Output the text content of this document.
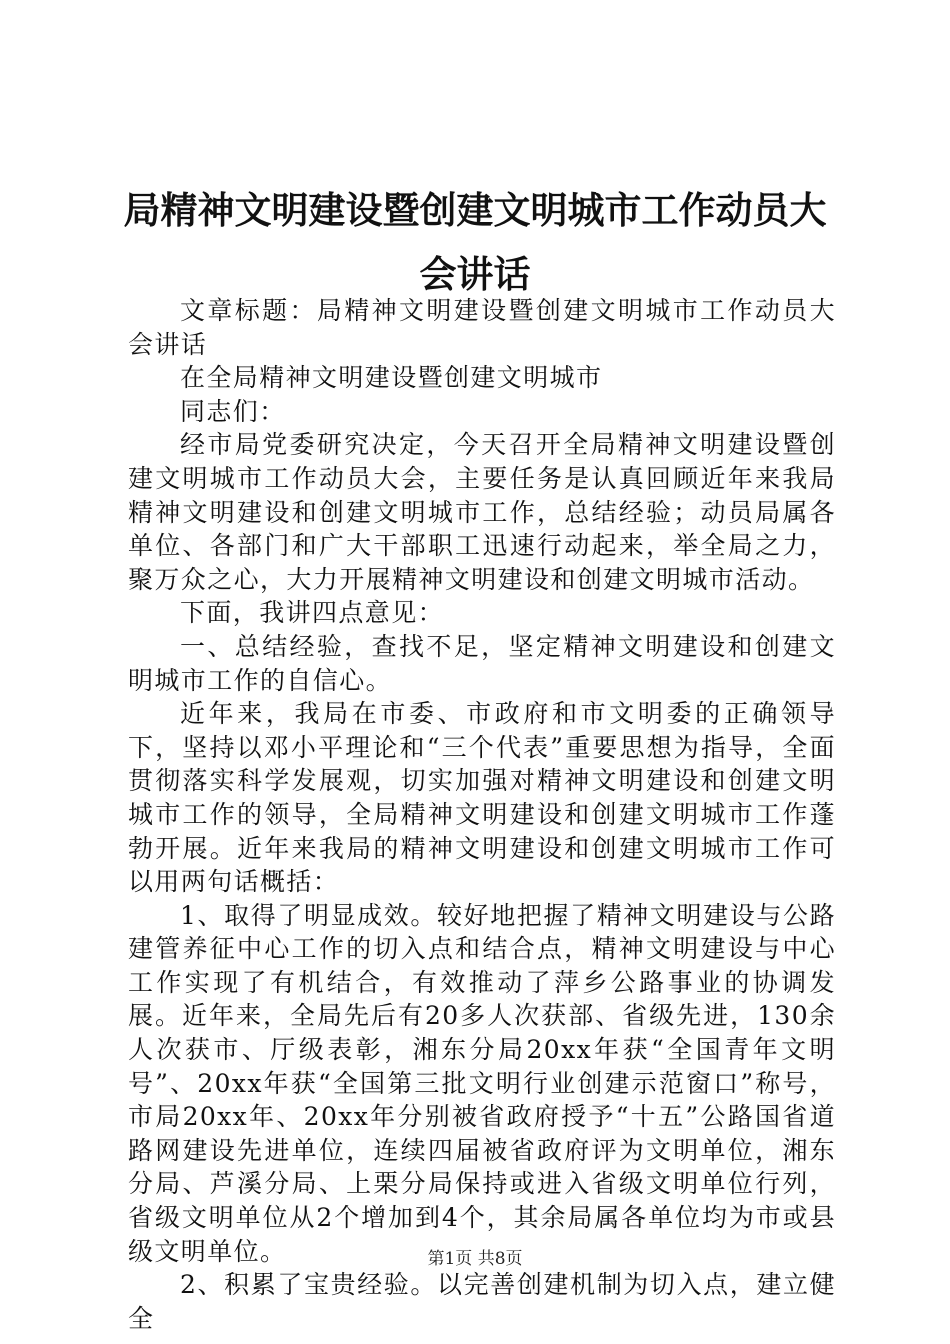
局精神文明建设暨创建文明城市工作动员大会讲话

文章标题：局精神文明建设暨创建文明城市工作动员大会讲话

在全局精神文明建设暨创建文明城市

同志们：

经市局党委研究决定，今天召开全局精神文明建设暨创建文明城市工作动员大会，主要任务是认真回顾近年来我局精神文明建设和创建文明城市工作，总结经验；动员局属各单位、各部门和广大干部职工迅速行动起来，举全局之力，聚万众之心，大力开展精神文明建设和创建文明城市活动。

下面，我讲四点意见：

一、总结经验，查找不足，坚定精神文明建设和创建文明城市工作的自信心。

近年来，我局在市委、市政府和市文明委的正确领导下，坚持以邓小平理论和“三个代表”重要思想为指导，全面贯彻落实科学发展观，切实加强对精神文明建设和创建文明城市工作的领导，全局精神文明建设和创建文明城市工作蓬勃开展。近年来我局的精神文明建设和创建文明城市工作可以用两句话概括：

1、取得了明显成效。较好地把握了精神文明建设与公路建管养征中心工作的切入点和结合点，精神文明建设与中心工作实现了有机结合，有效推动了萍乡公路事业的协调发展。近年来，全局先后有20多人次获部、省级先进，130余人次获市、厅级表彰，湘东分局20xx年获“全国青年文明号”、20xx年获“全国第三批文明行业创建示范窗口”称号，市局20xx年、20xx年分别被省政府授予“十五”公路国省道路网建设先进单位，连续四届被省政府评为文明单位，湘东分局、芦溪分局、上栗分局保持或进入省级文明单位行列，省级文明单位从2个增加到4个，其余局属各单位均为市或县级文明单位。

2、积累了宝贵经验。以完善创建机制为切入点，建立健全

第1页 共8页
